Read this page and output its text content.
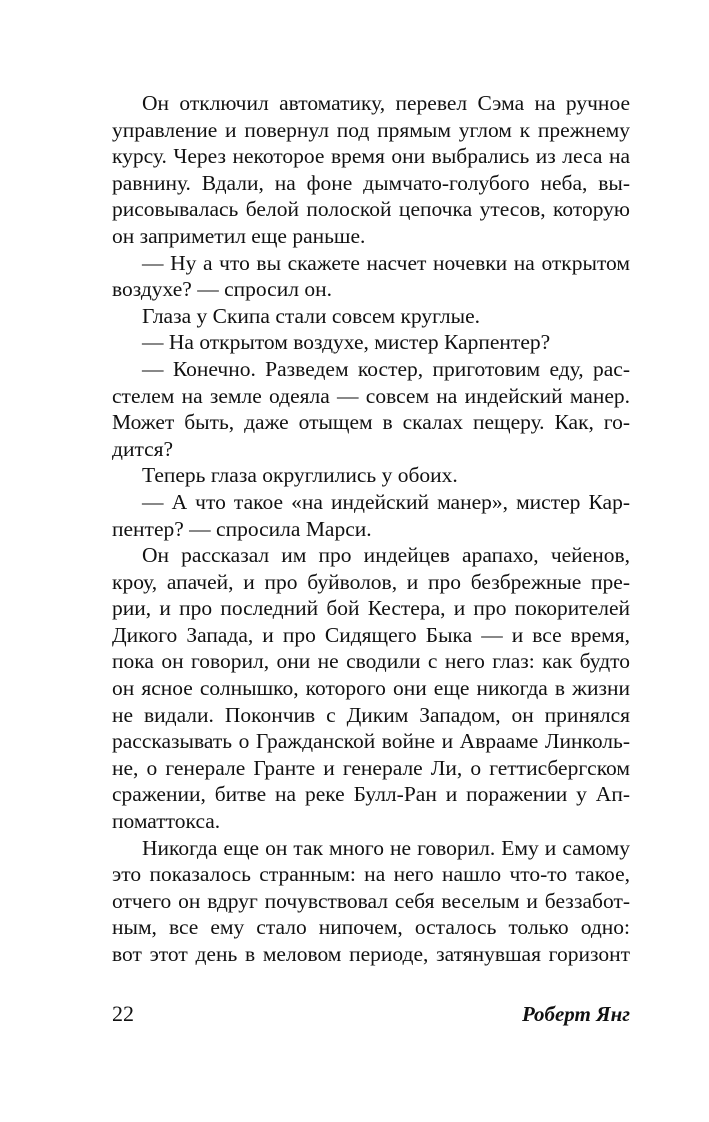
Он отключил автоматику, перевел Сэма на ручное
управление и повернул под прямым углом к прежнему
курсу. Через некоторое время они выбрались из леса на
равнину. Вдали, на фоне дымчато-голубого неба, вы-
рисовывалась белой полоской цепочка утесов, которую
он заприметил еще раньше.
— Ну а что вы скажете насчет ночевки на открытом
воздухе? — спросил он.
Глаза у Скипа стали совсем круглые.
— На открытом воздухе, мистер Карпентер?
— Конечно. Разведем костер, приготовим еду, рас-
стелем на земле одеяла — совсем на индейский манер.
Может быть, даже отыщем в скалах пещеру. Как, го-
дится?
Теперь глаза округлились у обоих.
— А что такое «на индейский манер», мистер Кар-
пентер? — спросила Марси.
Он рассказал им про индейцев арапахо, чейенов,
кроу, апачей, и про буйволов, и про безбрежные пре-
рии, и про последний бой Кестера, и про покорителей
Дикого Запада, и про Сидящего Быка — и все время,
пока он говорил, они не сводили с него глаз: как будто
он ясное солнышко, которого они еще никогда в жизни
не видали. Покончив с Диким Западом, он принялся
рассказывать о Гражданской войне и Аврааме Линколь-
не, о генерале Гранте и генерале Ли, о геттисбергском
сражении, битве на реке Булл-Ран и поражении у Ап-
поматтокса.
Никогда еще он так много не говорил. Ему и самому
это показалось странным: на него нашло что-то такое,
отчего он вдруг почувствовал себя веселым и беззабот-
ным, все ему стало нипочем, осталось только одно:
вот этот день в меловом периоде, затянувшая горизонт
22	Роберт Янг
